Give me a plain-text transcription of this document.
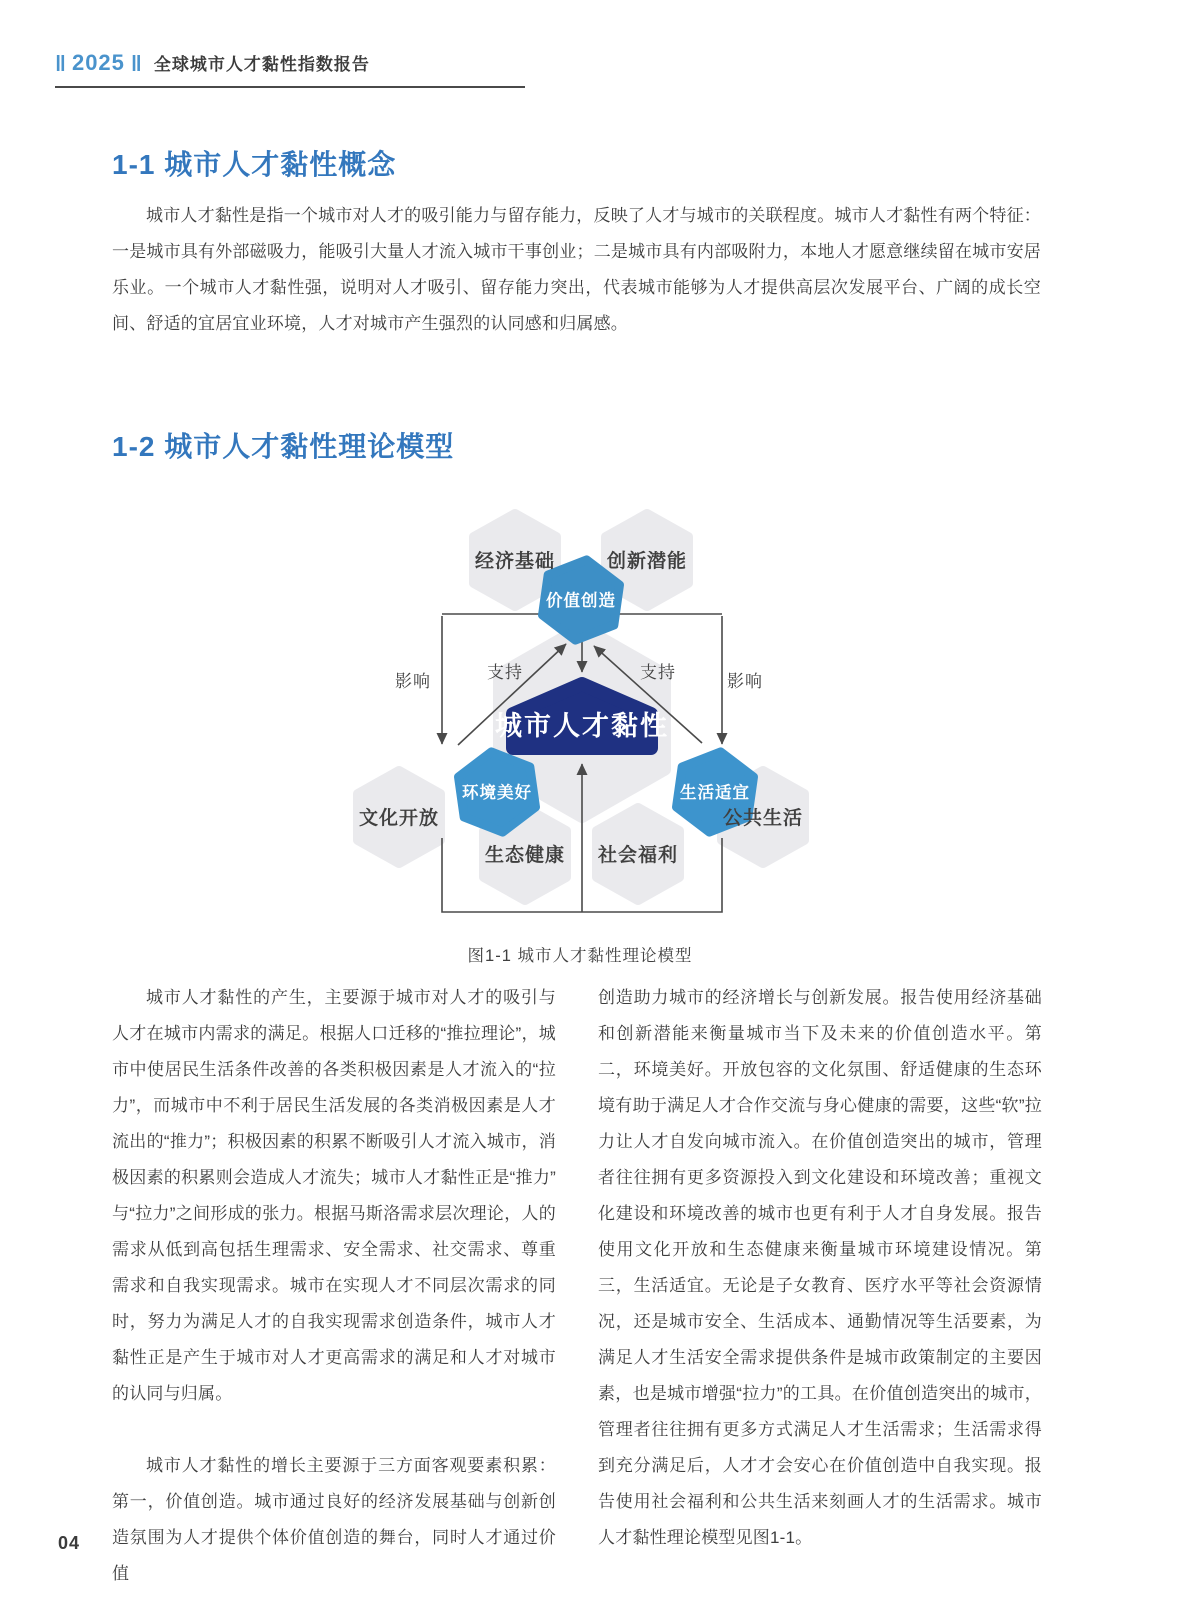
‖ 2025 ‖ 全球城市人才黏性指数报告
1-1 城市人才黏性概念
城市人才黏性是指一个城市对人才的吸引能力与留存能力，反映了人才与城市的关联程度。城市人才黏性有两个特征：一是城市具有外部磁吸力，能吸引大量人才流入城市干事创业；二是城市具有内部吸附力，本地人才愿意继续留在城市安居乐业。一个城市人才黏性强，说明对人才吸引、留存能力突出，代表城市能够为人才提供高层次发展平台、广阔的成长空间、舒适的宜居宜业环境，人才对城市产生强烈的认同感和归属感。
1-2 城市人才黏性理论模型
经济基础	创新潜能
文化开放	公共生活
生态健康 社会福利
价值创造
环境美好	生活适宜
城市人才黏性
支持	支持
影响	影响
图1-1 城市人才黏性理论模型
城市人才黏性的产生，主要源于城市对人才的吸引与人才在城市内需求的满足。根据人口迁移的“推拉理论”，城市中使居民生活条件改善的各类积极因素是人才流入的“拉力”，而城市中不利于居民生活发展的各类消极因素是人才流出的“推力”；积极因素的积累不断吸引人才流入城市，消极因素的积累则会造成人才流失；城市人才黏性正是“推力”与“拉力”之间形成的张力。根据马斯洛需求层次理论，人的需求从低到高包括生理需求、安全需求、社交需求、尊重需求和自我实现需求。城市在实现人才不同层次需求的同时，努力为满足人才的自我实现需求创造条件，城市人才黏性正是产生于城市对人才更高需求的满足和人才对城市的认同与归属。
城市人才黏性的增长主要源于三方面客观要素积累：第一，价值创造。城市通过良好的经济发展基础与创新创造氛围为人才提供个体价值创造的舞台，同时人才通过价值
创造助力城市的经济增长与创新发展。报告使用经济基础和创新潜能来衡量城市当下及未来的价值创造水平。第二，环境美好。开放包容的文化氛围、舒适健康的生态环境有助于满足人才合作交流与身心健康的需要，这些“软”拉力让人才自发向城市流入。在价值创造突出的城市，管理者往往拥有更多资源投入到文化建设和环境改善；重视文化建设和环境改善的城市也更有利于人才自身发展。报告使用文化开放和生态健康来衡量城市环境建设情况。第三，生活适宜。无论是子女教育、医疗水平等社会资源情况，还是城市安全、生活成本、通勤情况等生活要素，为满足人才生活安全需求提供条件是城市政策制定的主要因素，也是城市增强“拉力”的工具。在价值创造突出的城市，管理者往往拥有更多方式满足人才生活需求；生活需求得到充分满足后，人才才会安心在价值创造中自我实现。报告使用社会福利和公共生活来刻画人才的生活需求。城市人才黏性理论模型见图1-1。
04
